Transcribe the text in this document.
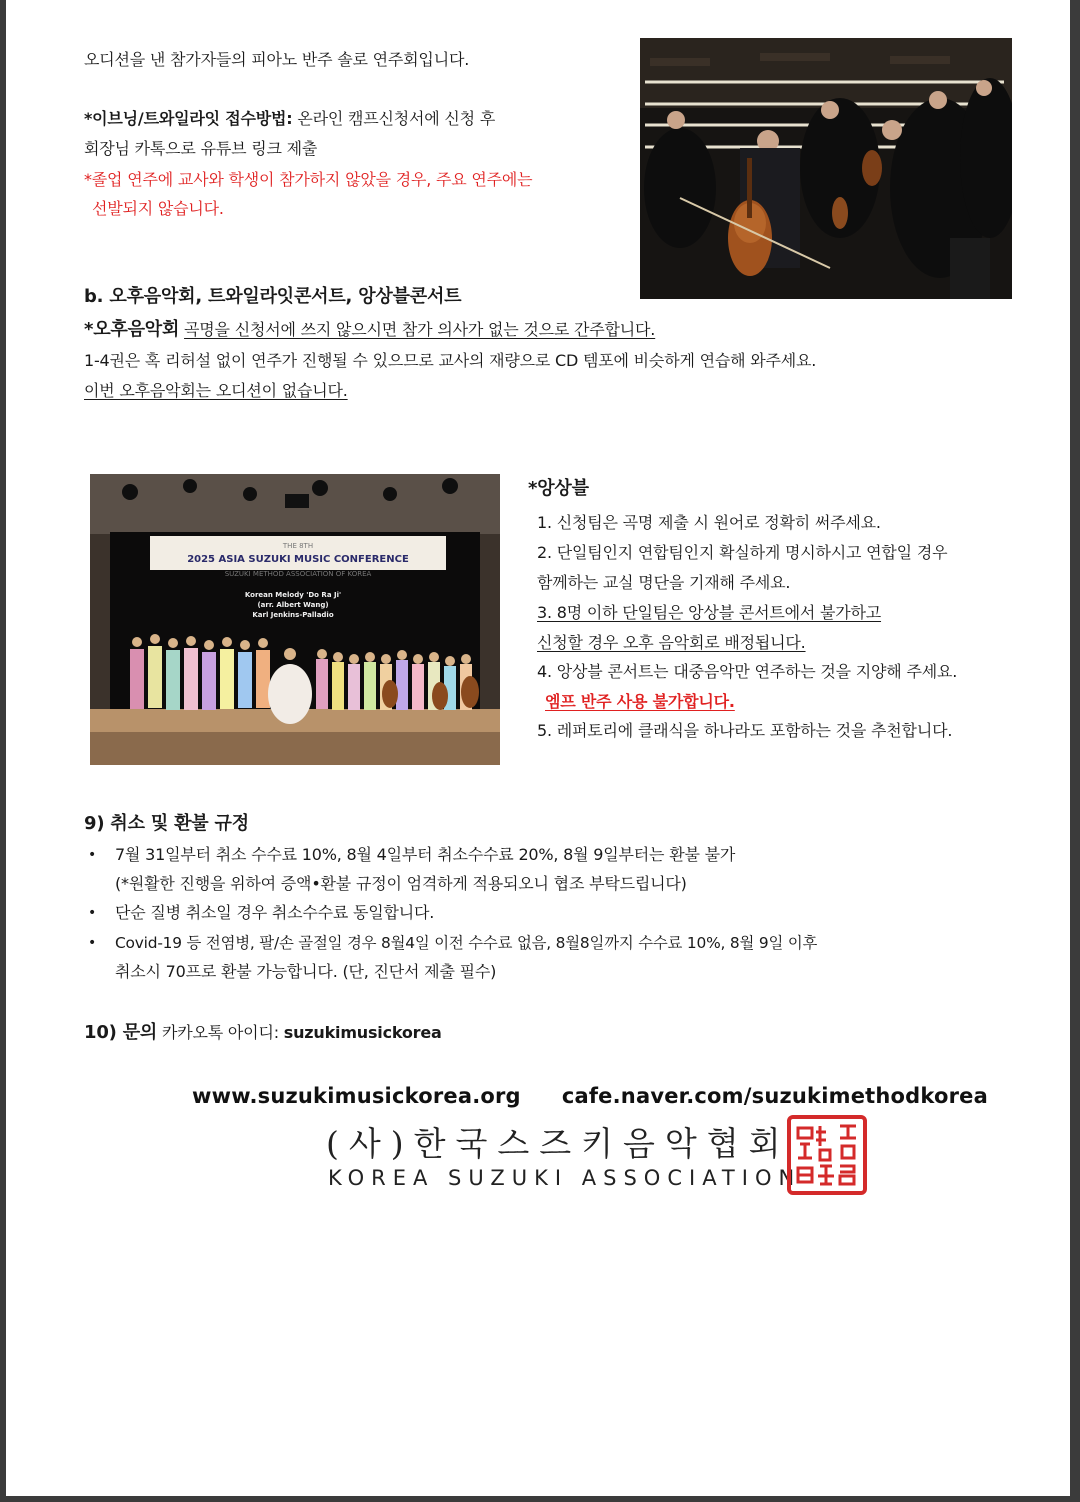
오디션을 낸 참가자들의 피아노 반주 솔로 연주회입니다.
*이브닝/트와일라잇 접수방법: 온라인 캠프신청서에 신청 후
회장님 카톡으로 유튜브 링크 제출
*졸업 연주에 교사와 학생이 참가하지 않았을 경우, 주요 연주에는
선발되지 않습니다.
b. 오후음악회, 트와일라잇콘서트, 앙상블콘서트
*오후음악회 곡명을 신청서에 쓰지 않으시면 참가 의사가 없는 것으로 간주합니다.
1-4권은 혹 리허설 없이 연주가 진행될 수 있으므로 교사의 재량으로 CD 템포에 비슷하게 연습해 와주세요.
이번 오후음악회는 오디션이 없습니다.
THE 8TH
2025 ASIA SUZUKI MUSIC CONFERENCE
SUZUKI METHOD ASSOCIATION OF KOREA
Korean Melody 'Do Ra Ji'
(arr. Albert Wang)
Karl Jenkins-Palladio
*앙상블
1. 신청팀은 곡명 제출 시 원어로 정확히 써주세요.
2. 단일팀인지 연합팀인지 확실하게 명시하시고 연합일 경우
함께하는 교실 명단을 기재해 주세요.
3. 8명 이하 단일팀은 앙상블 콘서트에서 불가하고
신청할 경우 오후 음악회로 배정됩니다.
4. 앙상블 콘서트는 대중음악만 연주하는 것을 지양해 주세요.
엠프 반주 사용 불가합니다.
5. 레퍼토리에 클래식을 하나라도 포함하는 것을 추천합니다.
9) 취소 및 환불 규정
• 7월 31일부터 취소 수수료 10%, 8월 4일부터 취소수수료 20%, 8월 9일부터는 환불 불가
(*원활한 진행을 위하여 증액•환불 규정이 엄격하게 적용되오니 협조 부탁드립니다)
• 단순 질병 취소일 경우 취소수수료 동일합니다.
• Covid-19 등 전염병, 팔/손 골절일 경우 8월4일 이전 수수료 없음, 8월8일까지 수수료 10%, 8월 9일 이후
취소시 70프로 환불 가능합니다. (단, 진단서 제출 필수)
10) 문의 카카오톡 아이디: suzukimusickorea
www.suzukimusickorea.org cafe.naver.com/suzukimethodkorea
(사)한국스즈키음악협회
KOREA SUZUKI ASSOCIATION
